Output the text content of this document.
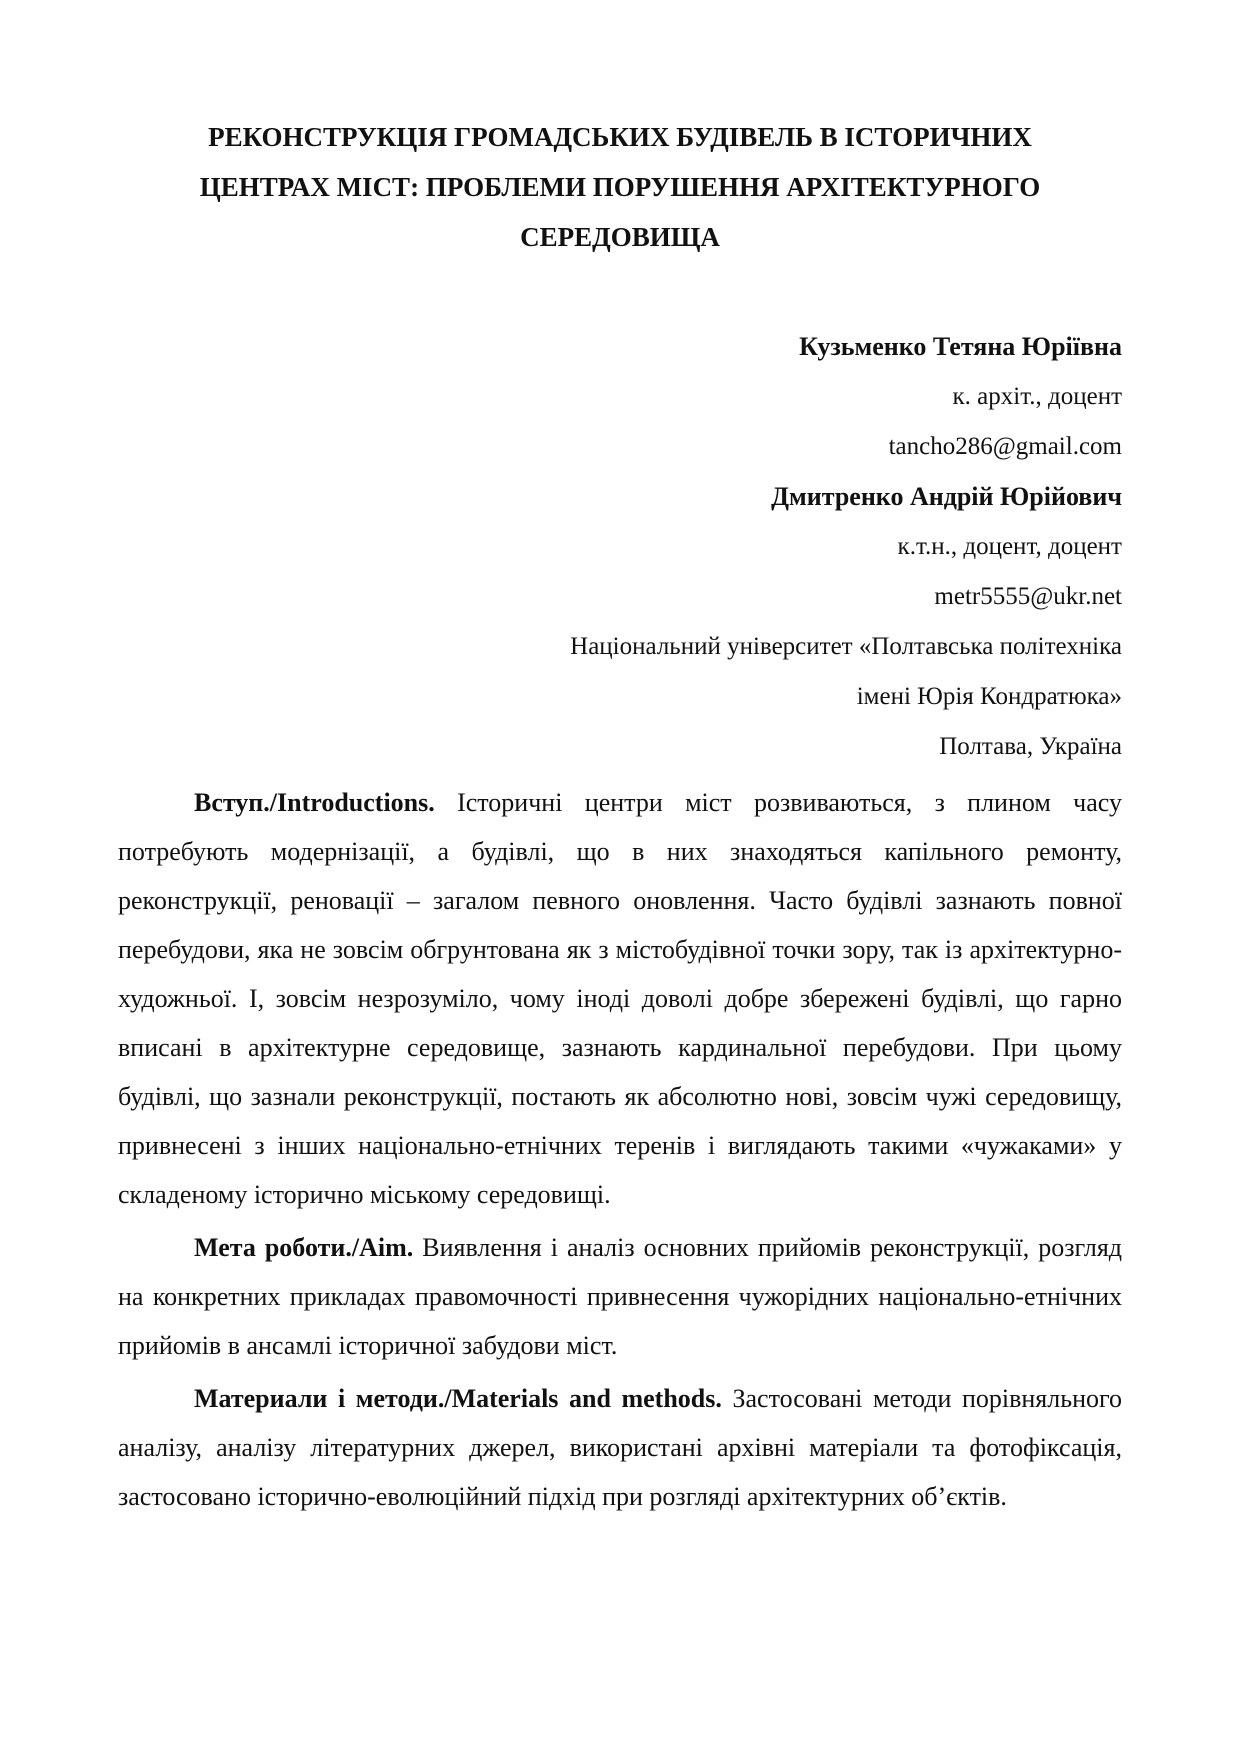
РЕКОНСТРУКЦІЯ ГРОМАДСЬКИХ БУДІВЕЛЬ В ІСТОРИЧНИХ
ЦЕНТРАХ МІСТ: ПРОБЛЕМИ ПОРУШЕННЯ АРХІТЕКТУРНОГО
СЕРЕДОВИЩА
Кузьменко Тетяна Юріївна
к. архіт., доцент
tancho286@gmail.com
Дмитренко Андрій Юрійович
к.т.н., доцент, доцент
metr5555@ukr.net
Національний університет «Полтавська політехніка
імені Юрія Кондратюка»
Полтава, Україна

Вступ./Introductions. Історичні центри міст розвиваються, з плином часу потребують модернізації, а будівлі, що в них знаходяться капільного ремонту, реконструкції, реновації – загалом певного оновлення. Часто будівлі зазнають повної перебудови, яка не зовсім обгрунтована як з містобудівної точки зору, так із архітектурно-художньої. І, зовсім незрозуміло, чому іноді доволі добре збережені будівлі, що гарно вписані в архітектурне середовище, зазнають кардинальної перебудови. При цьому будівлі, що зазнали реконструкції, постають як абсолютно нові, зовсім чужі середовищу, привнесені з інших національно-етнічних теренів і виглядають такими «чужаками» у складеному історично міському середовищі.

Мета роботи./Aim. Виявлення і аналіз основних прийомів реконструкції, розгляд на конкретних прикладах правомочності привнесення чужорідних національно-етнічних прийомів в ансамлі історичної забудови міст.

Материали і методи./Materials and methods. Застосовані методи порівняльного аналізу, аналізу літературних джерел, використані архівні матеріали та фотофіксація, застосовано історично-еволюційний підхід при розгляді архітектурних об’єктів.
